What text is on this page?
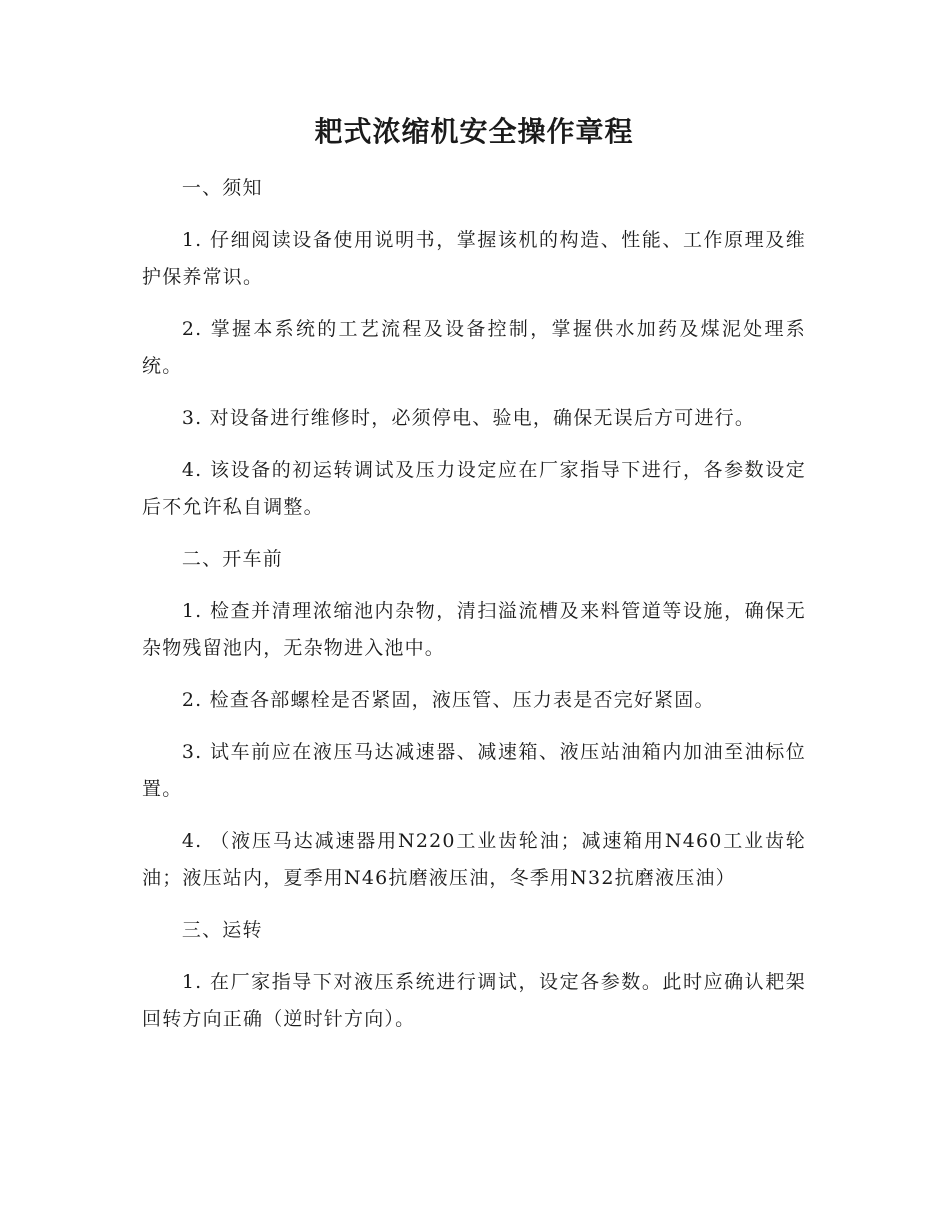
耙式浓缩机安全操作章程

一、须知

1. 仔细阅读设备使用说明书，掌握该机的构造、性能、工作原理及维护保养常识。

2. 掌握本系统的工艺流程及设备控制，掌握供水加药及煤泥处理系统。

3. 对设备进行维修时，必须停电、验电，确保无误后方可进行。

4. 该设备的初运转调试及压力设定应在厂家指导下进行，各参数设定后不允许私自调整。

二、开车前

1. 检查并清理浓缩池内杂物，清扫溢流槽及来料管道等设施，确保无杂物残留池内，无杂物进入池中。

2. 检查各部螺栓是否紧固，液压管、压力表是否完好紧固。

3. 试车前应在液压马达减速器、减速箱、液压站油箱内加油至油标位置。

4. （液压马达减速器用N220工业齿轮油；减速箱用N460工业齿轮油；液压站内，夏季用N46抗磨液压油，冬季用N32抗磨液压油）

三、运转

1. 在厂家指导下对液压系统进行调试，设定各参数。此时应确认耙架回转方向正确（逆时针方向）。
